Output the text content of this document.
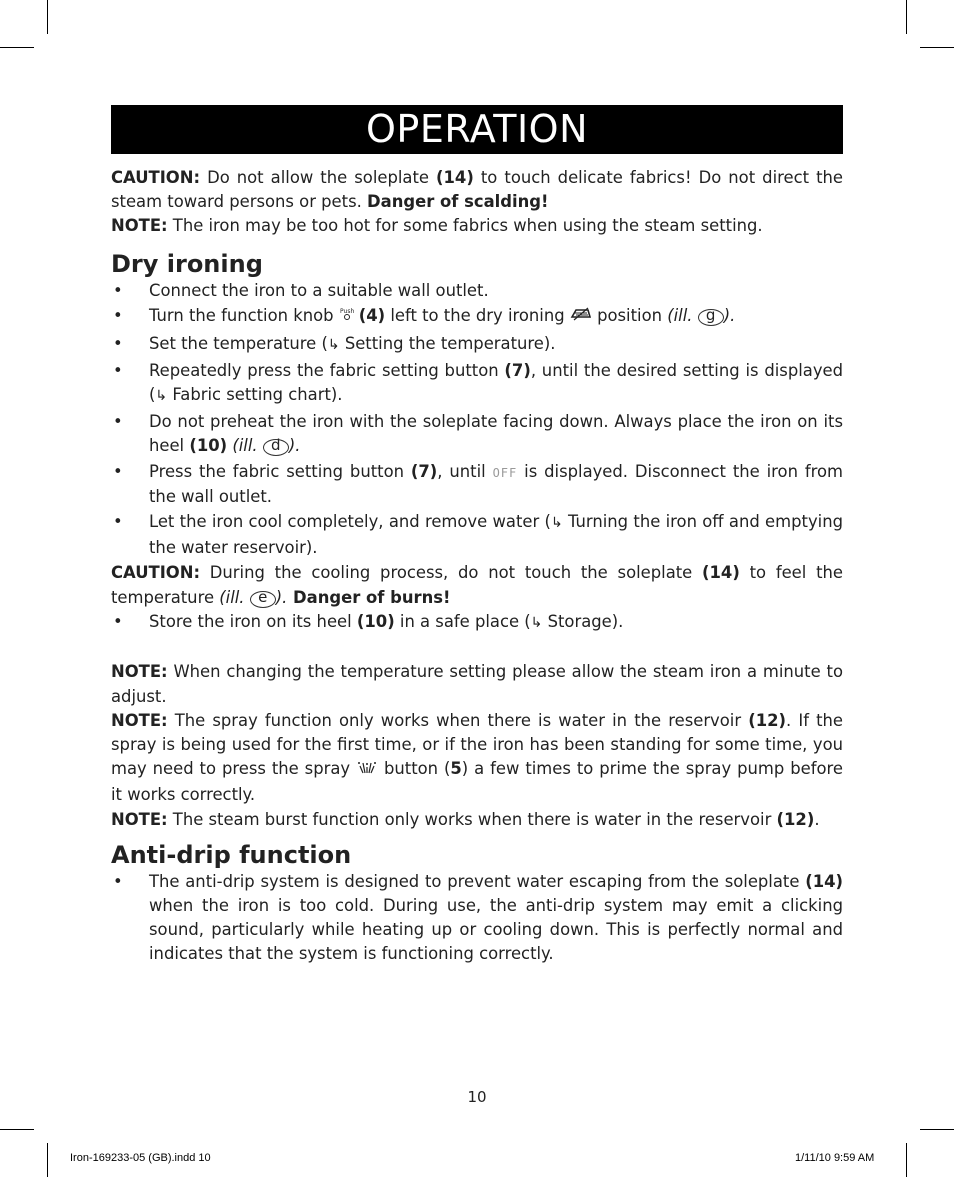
OPERATION

CAUTION: Do not allow the soleplate (14) to touch delicate fabrics! Do not direct the steam toward persons or pets. Danger of scalding!

NOTE: The iron may be too hot for some fabrics when using the steam setting.

Dry ironing
• Connect the iron to a suitable wall outlet.
• Turn the function knob Push (4) left to the dry ironing  position (ill. g ).
• Set the temperature (↳ Setting the temperature).
• Repeatedly press the fabric setting button (7), until the desired setting is displayed (↳ Fabric setting chart).
• Do not preheat the iron with the soleplate facing down. Always place the iron on its heel (10) (ill. d ).
• Press the fabric setting button (7), until OFF is displayed. Disconnect the iron from the wall outlet.
• Let the iron cool completely, and remove water (↳ Turning the iron off and emptying the water reservoir).

CAUTION: During the cooling process, do not touch the soleplate (14) to feel the temperature (ill. e ). Danger of burns!

• Store the iron on its heel (10) in a safe place (↳ Storage).

NOTE: When changing the temperature setting please allow the steam iron a minute to adjust.

NOTE: The spray function only works when there is water in the reservoir (12). If the spray is being used for the first time, or if the iron has been standing for some time, you may need to press the spray  button (5) a few times to prime the spray pump before it works correctly.

NOTE: The steam burst function only works when there is water in the reservoir (12).

Anti-drip function
• The anti-drip system is designed to prevent water escaping from the soleplate (14) when the iron is too cold. During use, the anti-drip system may emit a clicking sound, particularly while heating up or cooling down. This is perfectly normal and indicates that the system is functioning correctly.
10
Iron-169233-05 (GB).indd 10	1/11/10 9:59 AM
